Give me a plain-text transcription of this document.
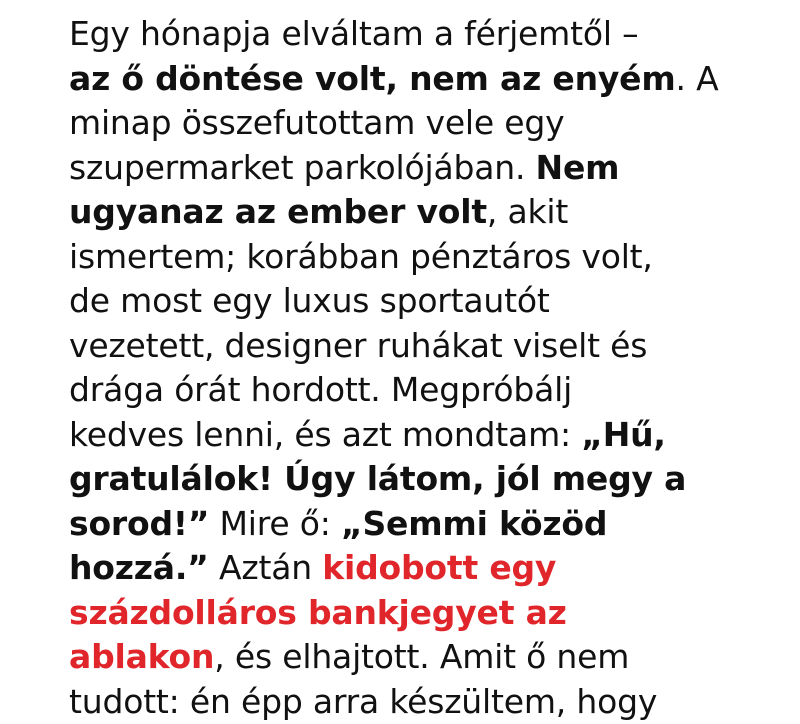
Egy hónapja elváltam a férjemtől –
az ő döntése volt, nem az enyém. A
minap összefutottam vele egy
szupermarket parkolójában. Nem
ugyanaz az ember volt, akit
ismertem; korábban pénztáros volt,
de most egy luxus sportautót
vezetett, designer ruhákat viselt és
drága órát hordott. Megpróbálj
kedves lenni, és azt mondtam: „Hű,
gratulálok! Úgy látom, jól megy a
sorod!” Mire ő: „Semmi közöd
hozzá.” Aztán kidobott egy
százdolláros bankjegyet az
ablakon, és elhajtott. Amit ő nem
tudott: én épp arra készültem, hogy
